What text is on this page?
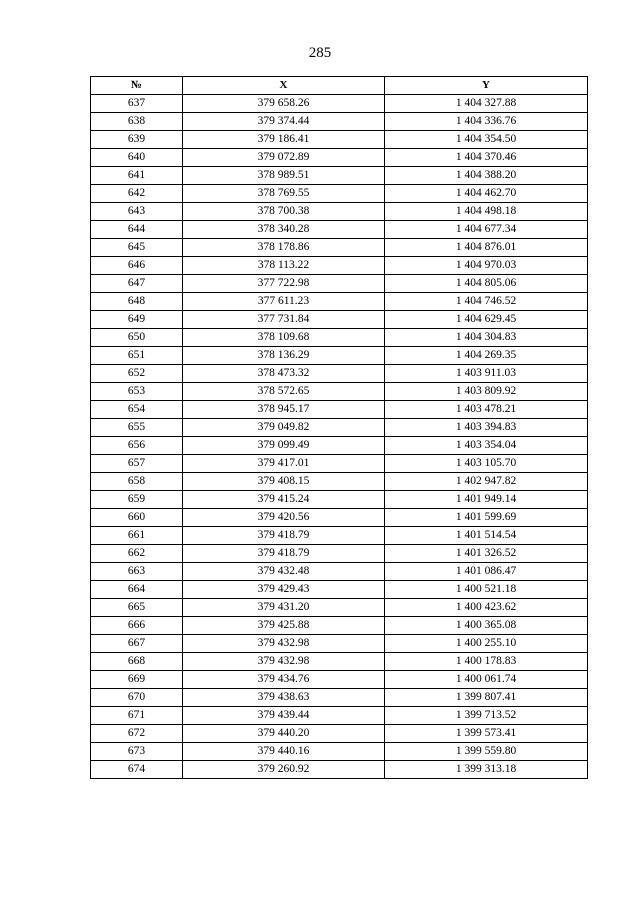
285
№	X	Y
637	379 658.26	1 404 327.88
638	379 374.44	1 404 336.76
639	379 186.41	1 404 354.50
640	379 072.89	1 404 370.46
641	378 989.51	1 404 388.20
642	378 769.55	1 404 462.70
643	378 700.38	1 404 498.18
644	378 340.28	1 404 677.34
645	378 178.86	1 404 876.01
646	378 113.22	1 404 970.03
647	377 722.98	1 404 805.06
648	377 611.23	1 404 746.52
649	377 731.84	1 404 629.45
650	378 109.68	1 404 304.83
651	378 136.29	1 404 269.35
652	378 473.32	1 403 911.03
653	378 572.65	1 403 809.92
654	378 945.17	1 403 478.21
655	379 049.82	1 403 394.83
656	379 099.49	1 403 354.04
657	379 417.01	1 403 105.70
658	379 408.15	1 402 947.82
659	379 415.24	1 401 949.14
660	379 420.56	1 401 599.69
661	379 418.79	1 401 514.54
662	379 418.79	1 401 326.52
663	379 432.48	1 401 086.47
664	379 429.43	1 400 521.18
665	379 431.20	1 400 423.62
666	379 425.88	1 400 365.08
667	379 432.98	1 400 255.10
668	379 432.98	1 400 178.83
669	379 434.76	1 400 061.74
670	379 438.63	1 399 807.41
671	379 439.44	1 399 713.52
672	379 440.20	1 399 573.41
673	379 440.16	1 399 559.80
674	379 260.92	1 399 313.18
